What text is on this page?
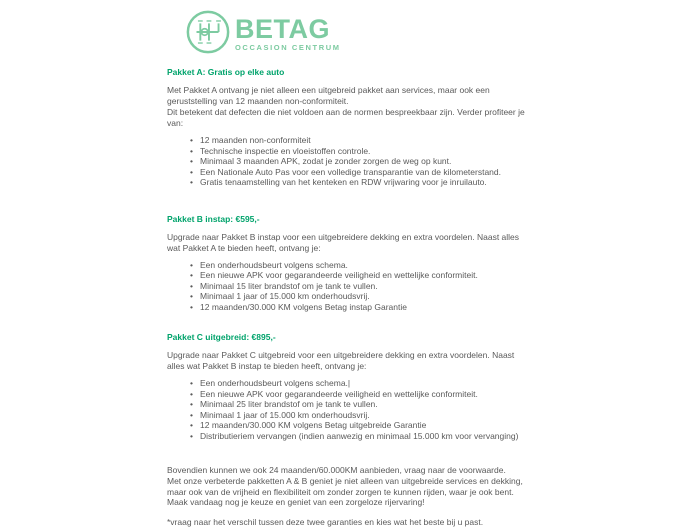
BETAG
OCCASION CENTRUM
Pakket A: Gratis op elke auto
Met Pakket A ontvang je niet alleen een uitgebreid pakket aan services, maar ook een geruststelling van 12 maanden non-conformiteit.
Dit betekent dat defecten die niet voldoen aan de normen bespreekbaar zijn. Verder profiteer je van:
• 12 maanden non-conformiteit
• Technische inspectie en vloeistoffen controle.
• Minimaal 3 maanden APK, zodat je zonder zorgen de weg op kunt.
• Een Nationale Auto Pas voor een volledige transparantie van de kilometerstand.
• Gratis tenaamstelling van het kenteken en RDW vrijwaring voor je inruilauto.
Pakket B instap: €595,-
Upgrade naar Pakket B instap voor een uitgebreidere dekking en extra voordelen. Naast alles wat Pakket A te bieden heeft, ontvang je:
• Een onderhoudsbeurt volgens schema.
• Een nieuwe APK voor gegarandeerde veiligheid en wettelijke conformiteit.
• Minimaal 15 liter brandstof om je tank te vullen.
• Minimaal 1 jaar of 15.000 km onderhoudsvrij.
• 12 maanden/30.000 KM volgens Betag instap Garantie
Pakket C uitgebreid: €895,-
Upgrade naar Pakket C uitgebreid voor een uitgebreidere dekking en extra voordelen. Naast alles wat Pakket B instap te bieden heeft, ontvang je:
• Een onderhoudsbeurt volgens schema.|
• Een nieuwe APK voor gegarandeerde veiligheid en wettelijke conformiteit.
• Minimaal 25 liter brandstof om je tank te vullen.
• Minimaal 1 jaar of 15.000 km onderhoudsvrij.
• 12 maanden/30.000 KM volgens Betag uitgebreide Garantie
• Distributieriem vervangen (indien aanwezig en minimaal 15.000 km voor vervanging)
Bovendien kunnen we ook 24 maanden/60.000KM aanbieden, vraag naar de voorwaarde.
Met onze verbeterde pakketten A & B geniet je niet alleen van uitgebreide services en dekking, maar ook van de vrijheid en flexibiliteit om zonder zorgen te kunnen rijden, waar je ook bent.
Maak vandaag nog je keuze en geniet van een zorgeloze rijervaring!
*vraag naar het verschil tussen deze twee garanties en kies wat het beste bij u past.
